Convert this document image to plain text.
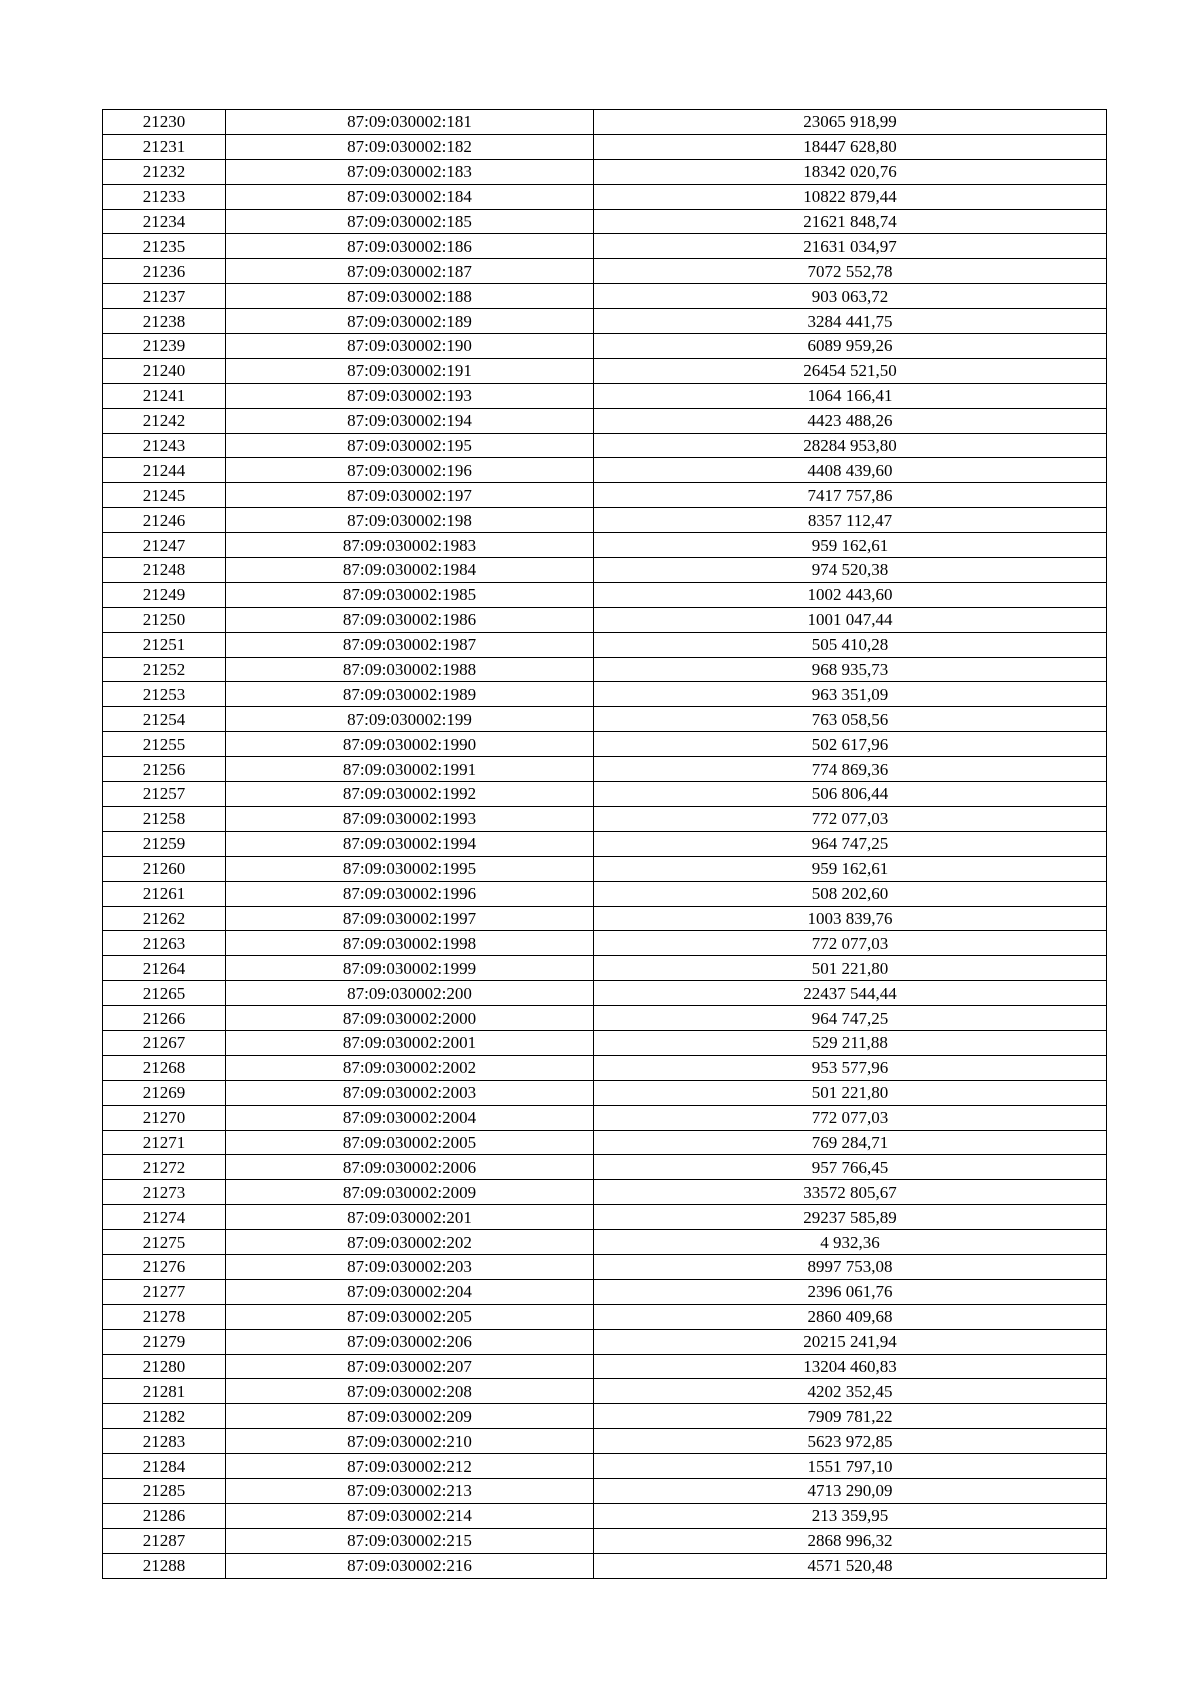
21230	87:09:030002:181	23065 918,99
21231	87:09:030002:182	18447 628,80
21232	87:09:030002:183	18342 020,76
21233	87:09:030002:184	10822 879,44
21234	87:09:030002:185	21621 848,74
21235	87:09:030002:186	21631 034,97
21236	87:09:030002:187	7072 552,78
21237	87:09:030002:188	903 063,72
21238	87:09:030002:189	3284 441,75
21239	87:09:030002:190	6089 959,26
21240	87:09:030002:191	26454 521,50
21241	87:09:030002:193	1064 166,41
21242	87:09:030002:194	4423 488,26
21243	87:09:030002:195	28284 953,80
21244	87:09:030002:196	4408 439,60
21245	87:09:030002:197	7417 757,86
21246	87:09:030002:198	8357 112,47
21247	87:09:030002:1983	959 162,61
21248	87:09:030002:1984	974 520,38
21249	87:09:030002:1985	1002 443,60
21250	87:09:030002:1986	1001 047,44
21251	87:09:030002:1987	505 410,28
21252	87:09:030002:1988	968 935,73
21253	87:09:030002:1989	963 351,09
21254	87:09:030002:199	763 058,56
21255	87:09:030002:1990	502 617,96
21256	87:09:030002:1991	774 869,36
21257	87:09:030002:1992	506 806,44
21258	87:09:030002:1993	772 077,03
21259	87:09:030002:1994	964 747,25
21260	87:09:030002:1995	959 162,61
21261	87:09:030002:1996	508 202,60
21262	87:09:030002:1997	1003 839,76
21263	87:09:030002:1998	772 077,03
21264	87:09:030002:1999	501 221,80
21265	87:09:030002:200	22437 544,44
21266	87:09:030002:2000	964 747,25
21267	87:09:030002:2001	529 211,88
21268	87:09:030002:2002	953 577,96
21269	87:09:030002:2003	501 221,80
21270	87:09:030002:2004	772 077,03
21271	87:09:030002:2005	769 284,71
21272	87:09:030002:2006	957 766,45
21273	87:09:030002:2009	33572 805,67
21274	87:09:030002:201	29237 585,89
21275	87:09:030002:202	4 932,36
21276	87:09:030002:203	8997 753,08
21277	87:09:030002:204	2396 061,76
21278	87:09:030002:205	2860 409,68
21279	87:09:030002:206	20215 241,94
21280	87:09:030002:207	13204 460,83
21281	87:09:030002:208	4202 352,45
21282	87:09:030002:209	7909 781,22
21283	87:09:030002:210	5623 972,85
21284	87:09:030002:212	1551 797,10
21285	87:09:030002:213	4713 290,09
21286	87:09:030002:214	213 359,95
21287	87:09:030002:215	2868 996,32
21288	87:09:030002:216	4571 520,48
